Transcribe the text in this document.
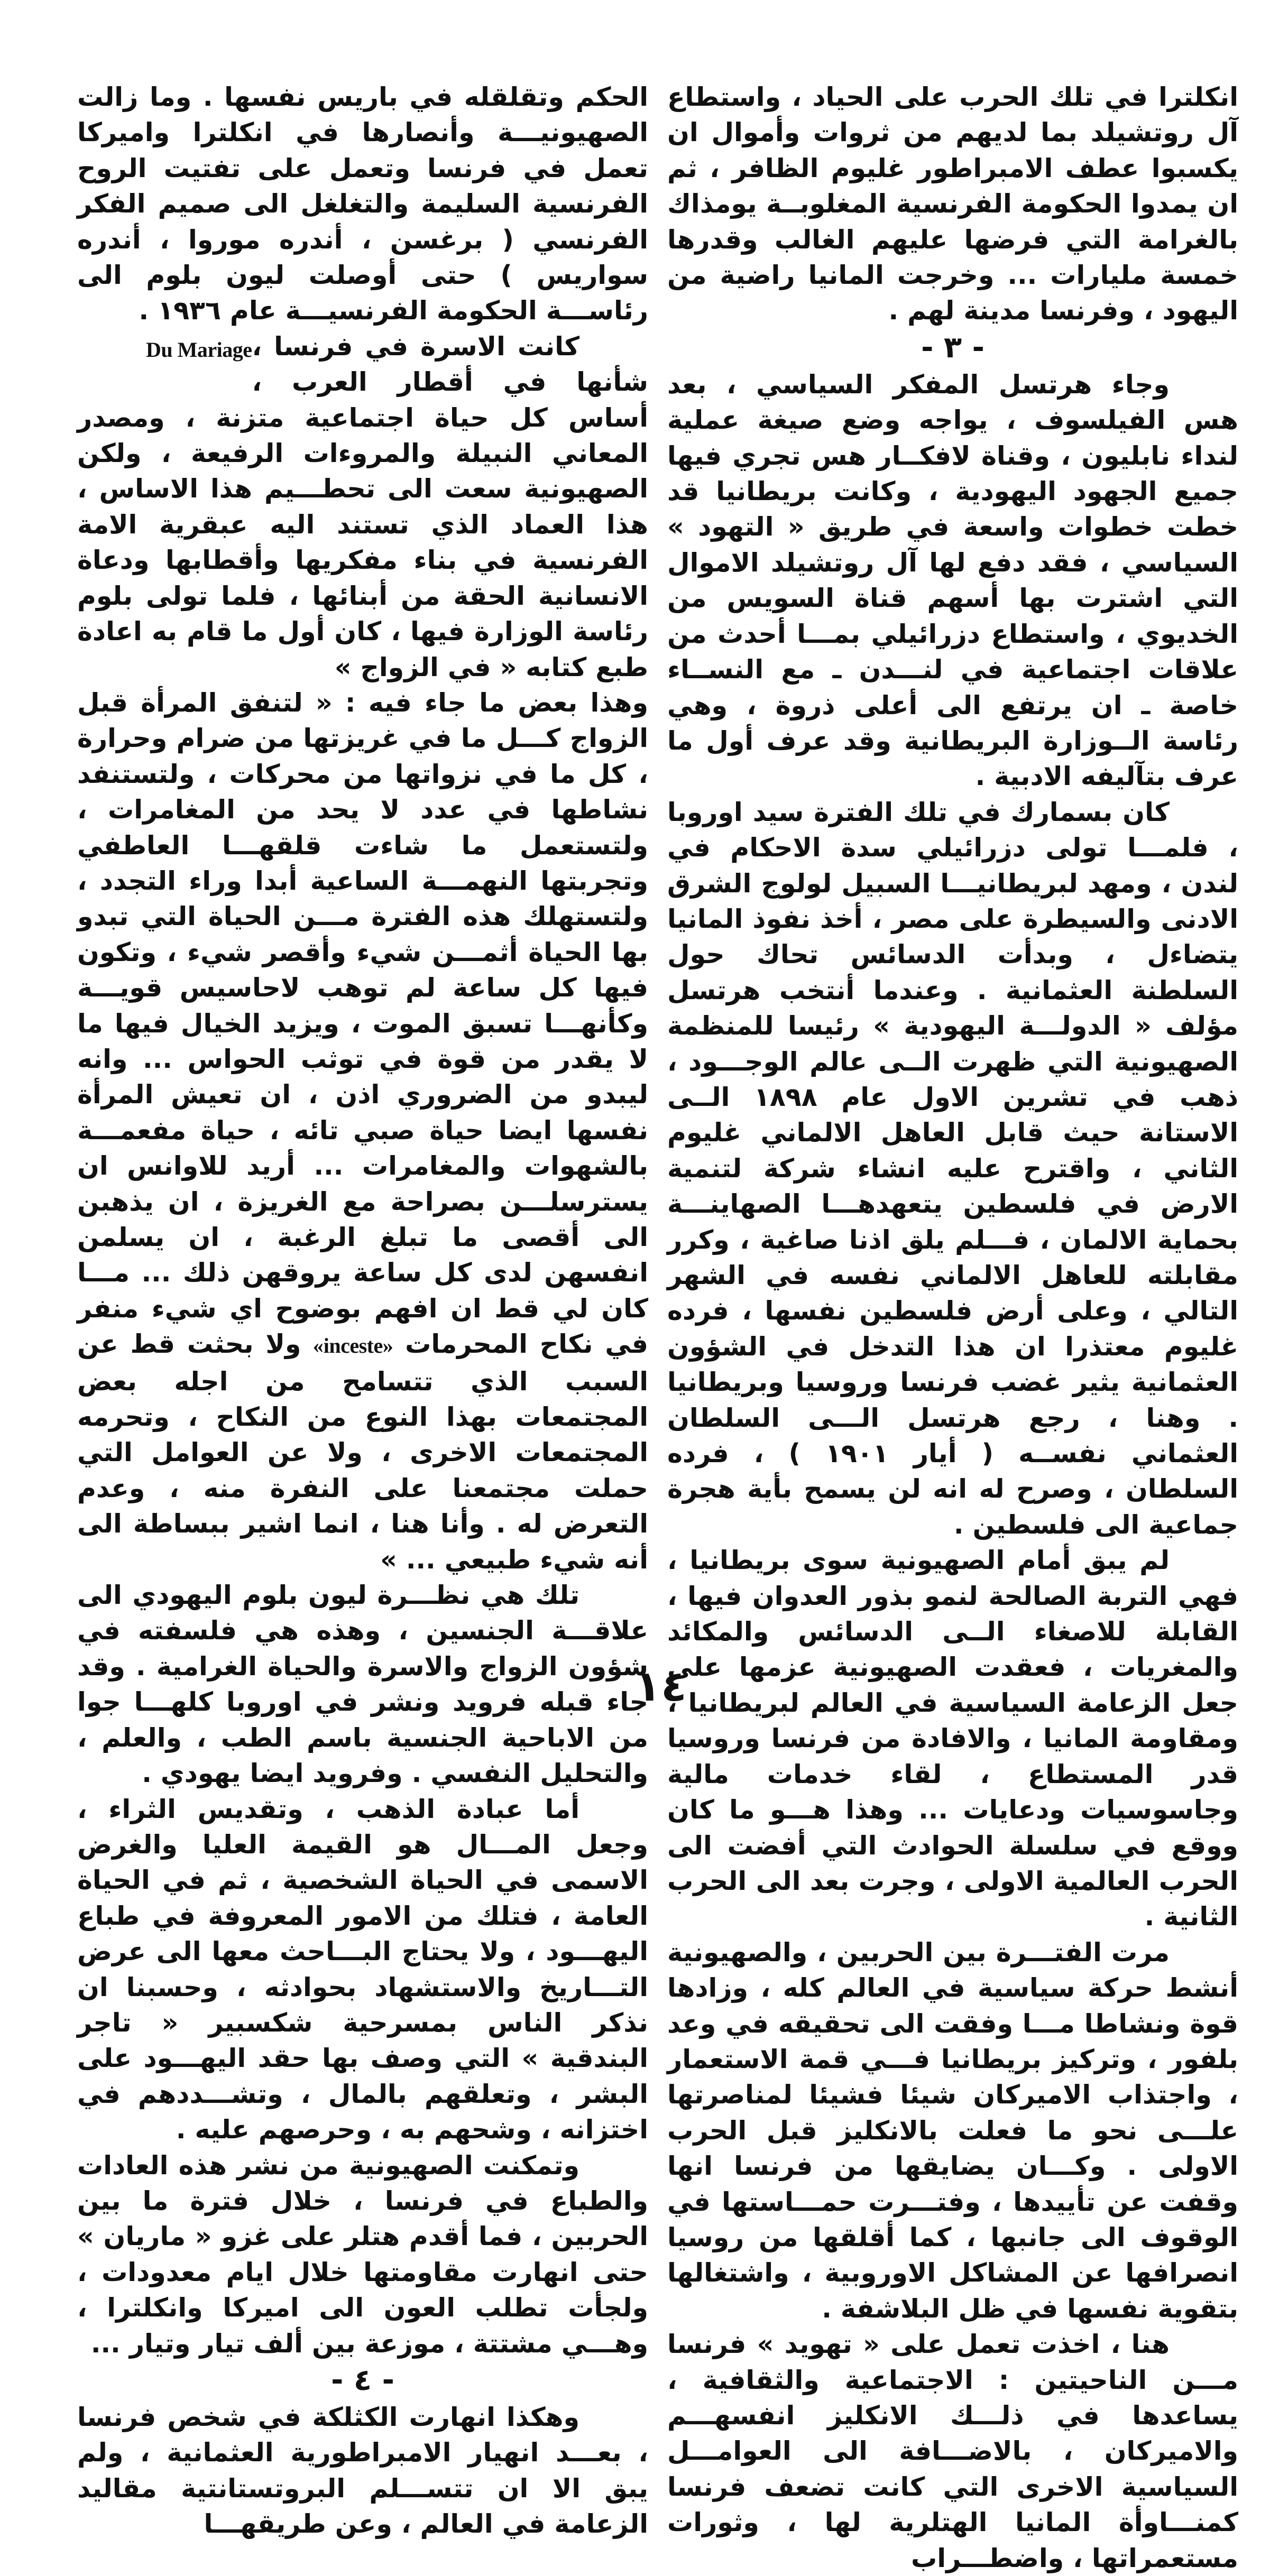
انكلترا في تلك الحرب على الحياد ، واستطاع آل روتشيلد بما لديهم من ثروات وأموال ان يكسبوا عطف الامبراطور غليوم الظافر ، ثم ان يمدوا الحكومة الفرنسية المغلوبــة يومذاك بالغرامة التي فرضها عليهم الغالب وقدرها خمسة مليارات ... وخرجت المانيا راضية من اليهود ، وفرنسا مدينة لهم .

- ٣ -

وجاء هرتسل المفكر السياسي ، بعد هس الفيلسوف ، يواجه وضع صيغة عملية لنداء نابليون ، وقناة لافكــار هس تجري فيها جميع الجهود اليهودية ، وكانت بريطانيا قد خطت خطوات واسعة في طريق « التهود » السياسي ، فقد دفع لها آل روتشيلد الاموال التي اشترت بها أسهم قناة السويس من الخديوي ، واستطاع دزرائيلي بمـــا أحدث من علاقات اجتماعية في لنـــدن ـ مع النســاء خاصة ـ ان يرتفع الى أعلى ذروة ، وهي رئاسة الــوزارة البريطانية وقد عرف أول ما عرف بتآليفه الادبية .

كان بسمارك في تلك الفترة سيد اوروبا ، فلمـــا تولى دزرائيلي سدة الاحكام في لندن ، ومهد لبريطانيـــا السبيل لولوج الشرق الادنى والسيطرة على مصر ، أخذ نفوذ المانيا يتضاءل ، وبدأت الدسائس تحاك حول السلطنة العثمانية . وعندما أنتخب هرتسل مؤلف « الدولـــة اليهودية » رئيسا للمنظمة الصهيونية التي ظهرت الــى عالم الوجـــود ، ذهب في تشرين الاول عام ١٨٩٨ الــى الاستانة حيث قابل العاهل الالماني غليوم الثاني ، واقترح عليه انشاء شركة لتنمية الارض في فلسطين يتعهدهـــا الصهاينـــة بحماية الالمان ، فـــلم يلق اذنا صاغية ، وكرر مقابلته للعاهل الالماني نفسه في الشهر التالي ، وعلى أرض فلسطين نفسها ، فرده غليوم معتذرا ان هذا التدخل في الشؤون العثمانية يثير غضب فرنسا وروسيا وبريطانيا . وهنا ، رجع هرتسل الـــى السلطان العثماني نفســه ( أيار ١٩٠١ ) ، فرده السلطان ، وصرح له انه لن يسمح بأية هجرة جماعية الى فلسطين .

لم يبق أمام الصهيونية سوى بريطانيا ، فهي التربة الصالحة لنمو بذور العدوان فيها ، القابلة للاصغاء الــى الدسائس والمكائد والمغريات ، فعقدت الصهيونية عزمها على جعل الزعامة السياسية في العالم لبريطانيا ، ومقاومة المانيا ، والافادة من فرنسا وروسيا قدر المستطاع ، لقاء خدمات مالية وجاسوسيات ودعايات ... وهذا هـــو ما كان ووقع في سلسلة الحوادث التي أفضت الى الحرب العالمية الاولى ، وجرت بعد الى الحرب الثانية .

مرت الفتـــرة بين الحربين ، والصهيونية أنشط حركة سياسية في العالم كله ، وزادها قوة ونشاطا مـــا وفقت الى تحقيقه في وعد بلفور ، وتركيز بريطانيا فـــي قمة الاستعمار ، واجتذاب الاميركان شيئا فشيئا لمناصرتها علـــى نحو ما فعلت بالانكليز قبل الحرب الاولى . وكـــان يضايقها من فرنسا انها وقفت عن تأييدها ، وفتـــرت حمـــاستها في الوقوف الى جانبها ، كما أقلقها من روسيا انصرافها عن المشاكل الاوروبية ، واشتغالها بتقوية نفسها في ظل البلاشفة .

هنا ، اخذت تعمل على « تهويد » فرنسا مـــن الناحيتين : الاجتماعية والثقافية ، يساعدها في ذلـــك الانكليز انفسهـــم والاميركان ، بالاضـــافة الى العوامـــل السياسية الاخرى التي كانت تضعف فرنسا كمنـــاوأة المانيا الهتلرية لها ، وثورات مستعمراتها ، واضطـــراب

الحكم وتقلقله في باريس نفسها . وما زالت الصهيونيـــة وأنصارها في انكلترا واميركا تعمل في فرنسا وتعمل على تفتيت الروح الفرنسية السليمة والتغلغل الى صميم الفكر الفرنسي ( برغسن ، أندره موروا ، أندره سواريس ) حتى أوصلت ليون بلوم الى رئاســـة الحكومة الفرنسيـــة عام ١٩٣٦ .

Du Mariage كانت الاسرة في فرنسا ، شأنها في أقطار العرب ، أساس كل حياة اجتماعية متزنة ، ومصدر المعاني النبيلة والمروءات الرفيعة ، ولكن الصهيونية سعت الى تحطـــيم هذا الاساس ، هذا العماد الذي تستند اليه عبقرية الامة الفرنسية في بناء مفكريها وأقطابها ودعاة الانسانية الحقة من أبنائها ، فلما تولى بلوم رئاسة الوزارة فيها ، كان أول ما قام به اعادة طبع كتابه « في الزواج »

وهذا بعض ما جاء فيه : « لتنفق المرأة قبل الزواج كـــل ما في غريزتها من ضرام وحرارة ، كل ما في نزواتها من محركات ، ولتستنفد نشاطها في عدد لا يحد من المغامرات ، ولتستعمل ما شاءت قلقهـــا العاطفي وتجربتها النهمـــة الساعية أبدا وراء التجدد ، ولتستهلك هذه الفترة مـــن الحياة التي تبدو بها الحياة أثمـــن شيء وأقصر شيء ، وتكون فيها كل ساعة لم توهب لاحاسيس قويـــة وكأنهـــا تسبق الموت ، ويزيد الخيال فيها ما لا يقدر من قوة في توثب الحواس ... وانه ليبدو من الضروري اذن ، ان تعيش المرأة نفسها ايضا حياة صبي تائه ، حياة مفعمـــة بالشهوات والمغامرات ... أريد للاوانس ان يسترسلـــن بصراحة مع الغريزة ، ان يذهبن الى أقصى ما تبلغ الرغبة ، ان يسلمن انفسهن لدى كل ساعة يروقهن ذلك ... مـــا كان لي قط ان افهم بوضوح اي شيء منفر في نكاح المحرمات «inceste» ولا بحثت قط عن السبب الذي تتسامح من اجله بعض المجتمعات بهذا النوع من النكاح ، وتحرمه المجتمعات الاخرى ، ولا عن العوامل التي حملت مجتمعنا على النفرة منه ، وعدم التعرض له . وأنا هنا ، انما اشير ببساطة الى أنه شيء طبيعي ... »

تلك هي نظـــرة ليون بلوم اليهودي الى علاقـــة الجنسين ، وهذه هي فلسفته في شؤون الزواج والاسرة والحياة الغرامية . وقد جاء قبله فرويد ونشر في اوروبا كلهـــا جوا من الاباحية الجنسية باسم الطب ، والعلم ، والتحليل النفسي . وفرويد ايضا يهودي .

أما عبادة الذهب ، وتقديس الثراء ، وجعل المـــال هو القيمة العليا والغرض الاسمى في الحياة الشخصية ، ثم في الحياة العامة ، فتلك من الامور المعروفة في طباع اليهـــود ، ولا يحتاج البـــاحث معها الى عرض التـــاريخ والاستشهاد بحوادثه ، وحسبنا ان نذكر الناس بمسرحية شكسبير « تاجر البندقية » التي وصف بها حقد اليهـــود على البشر ، وتعلقهم بالمال ، وتشـــددهم في اختزانه ، وشحهم به ، وحرصهم عليه .

وتمكنت الصهيونية من نشر هذه العادات والطباع في فرنسا ، خلال فترة ما بين الحربين ، فما أقدم هتلر على غزو « ماريان » حتى انهارت مقاومتها خلال ايام معدودات ، ولجأت تطلب العون الى اميركا وانكلترا ، وهـــي مشتتة ، موزعة بين ألف تيار وتيار ...

- ٤ -

وهكذا انهارت الكثلكة في شخص فرنسا ، بعـــد انهيار الامبراطورية العثمانية ، ولم يبق الا ان تتســـلم البروتستانتية مقاليد الزعامة في العالم ، وعن طريقهـــا

١٤
